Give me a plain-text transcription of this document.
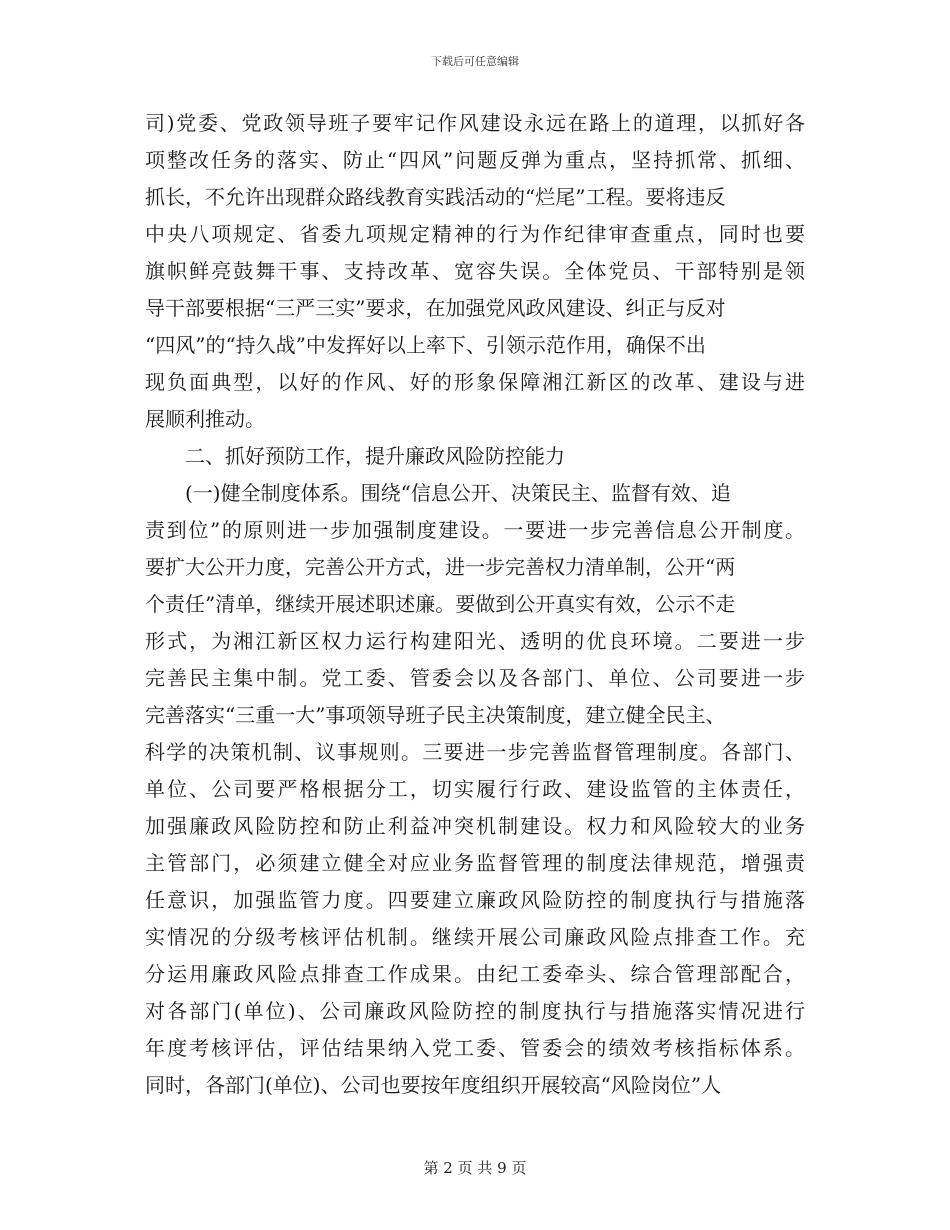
下载后可任意编辑
司)党委、党政领导班子要牢记作风建设永远在路上的道理，以抓好各
项整改任务的落实、防止“四风”问题反弹为重点，坚持抓常、抓细、
抓长，不允许出现群众路线教育实践活动的“烂尾”工程。要将违反
中央八项规定、省委九项规定精神的行为作纪律审查重点，同时也要
旗帜鲜亮鼓舞干事、支持改革、宽容失误。全体党员、干部特别是领
导干部要根据“三严三实”要求，在加强党风政风建设、纠正与反对
“四风”的“持久战”中发挥好以上率下、引领示范作用，确保不出
现负面典型，以好的作风、好的形象保障湘江新区的改革、建设与进
展顺利推动。
二、抓好预防工作，提升廉政风险防控能力
(一)健全制度体系。围绕“信息公开、决策民主、监督有效、追
责到位”的原则进一步加强制度建设。一要进一步完善信息公开制度。
要扩大公开力度，完善公开方式，进一步完善权力清单制，公开“两
个责任”清单，继续开展述职述廉。要做到公开真实有效，公示不走
形式，为湘江新区权力运行构建阳光、透明的优良环境。二要进一步
完善民主集中制。党工委、管委会以及各部门、单位、公司要进一步
完善落实“三重一大”事项领导班子民主决策制度，建立健全民主、
科学的决策机制、议事规则。三要进一步完善监督管理制度。各部门、
单位、公司要严格根据分工，切实履行行政、建设监管的主体责任，
加强廉政风险防控和防止利益冲突机制建设。权力和风险较大的业务
主管部门，必须建立健全对应业务监督管理的制度法律规范，增强责
任意识，加强监管力度。四要建立廉政风险防控的制度执行与措施落
实情况的分级考核评估机制。继续开展公司廉政风险点排查工作。充
分运用廉政风险点排查工作成果。由纪工委牵头、综合管理部配合，
对各部门(单位)、公司廉政风险防控的制度执行与措施落实情况进行
年度考核评估，评估结果纳入党工委、管委会的绩效考核指标体系。
同时，各部门(单位)、公司也要按年度组织开展较高“风险岗位”人
第 2 页 共 9 页
